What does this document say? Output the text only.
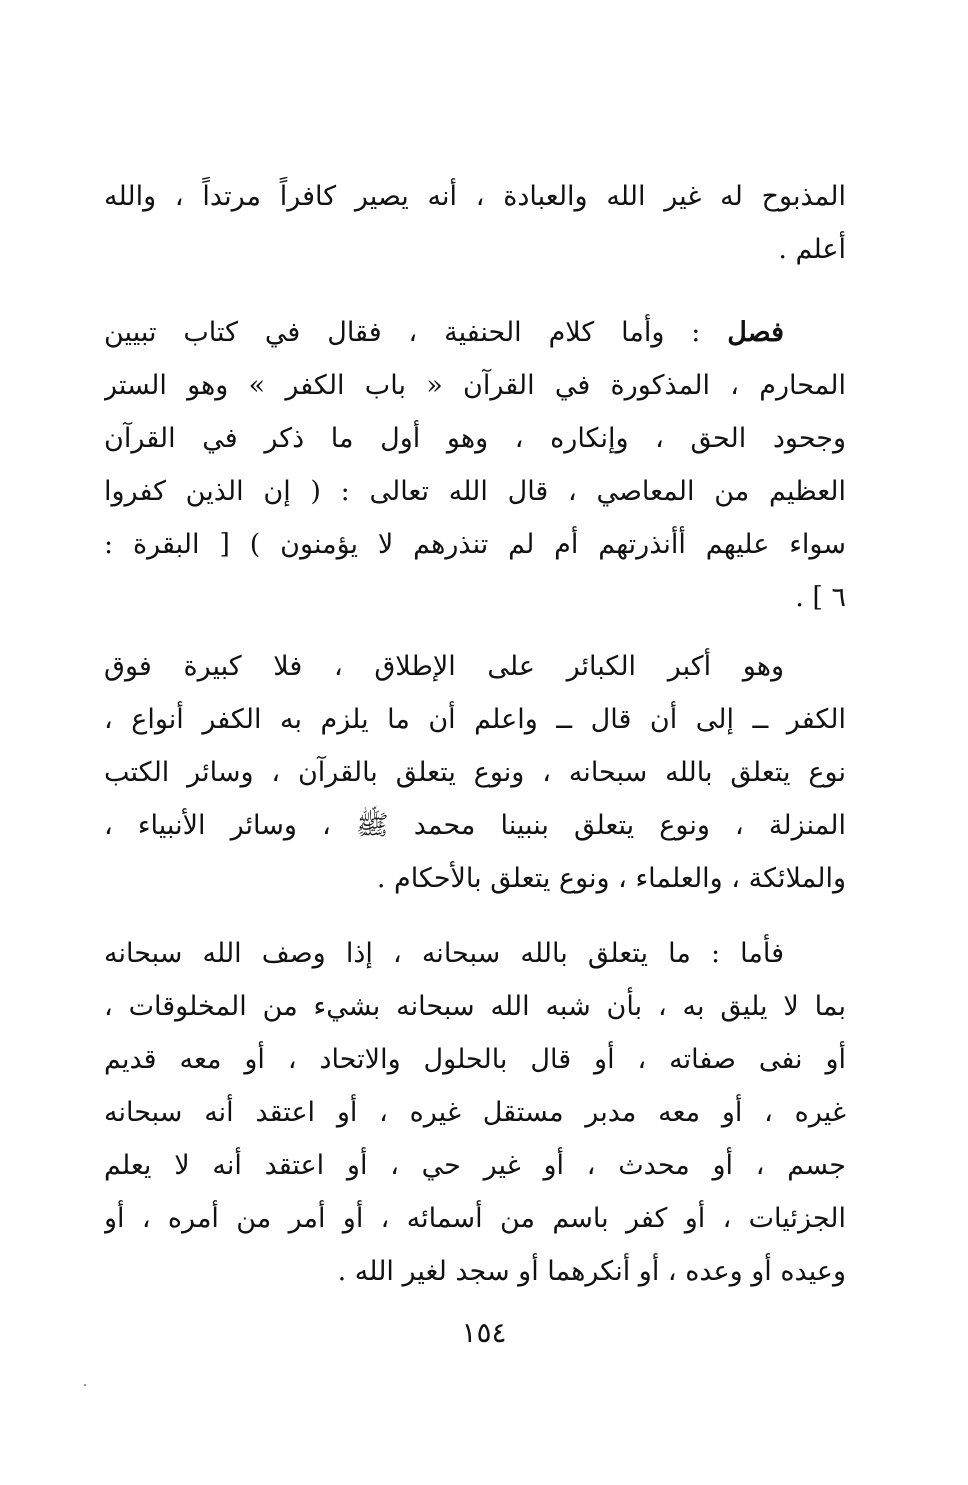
المذبوح له غير الله والعبادة ، أنه يصير كافراً مرتداً ، والله
أعلم .
فصل : وأما كلام الحنفية ، فقال في كتاب تبيين
المحارم ، المذكورة في القرآن « باب الكفر » وهو الستر
وجحود الحق ، وإنكاره ، وهو أول ما ذكر في القرآن
العظيم من المعاصي ، قال الله تعالى : ( إن الذين كفروا
سواء عليهم أأنذرتهم أم لم تنذرهم لا يؤمنون ) [ البقرة :
٦ ] .
وهو أكبر الكبائر على الإطلاق ، فلا كبيرة فوق
الكفر ــ إلى أن قال ــ واعلم أن ما يلزم به الكفر أنواع ،
نوع يتعلق بالله سبحانه ، ونوع يتعلق بالقرآن ، وسائر الكتب
المنزلة ، ونوع يتعلق بنبينا محمد ﷺ ، وسائر الأنبياء ،
والملائكة ، والعلماء ، ونوع يتعلق بالأحكام .
فأما : ما يتعلق بالله سبحانه ، إذا وصف الله سبحانه
بما لا يليق به ، بأن شبه الله سبحانه بشيء من المخلوقات ،
أو نفى صفاته ، أو قال بالحلول والاتحاد ، أو معه قديم
غيره ، أو معه مدبر مستقل غيره ، أو اعتقد أنه سبحانه
جسم ، أو محدث ، أو غير حي ، أو اعتقد أنه لا يعلم
الجزئيات ، أو كفر باسم من أسمائه ، أو أمر من أمره ، أو
وعيده أو وعده ، أو أنكرهما أو سجد لغير الله .
١٥٤
